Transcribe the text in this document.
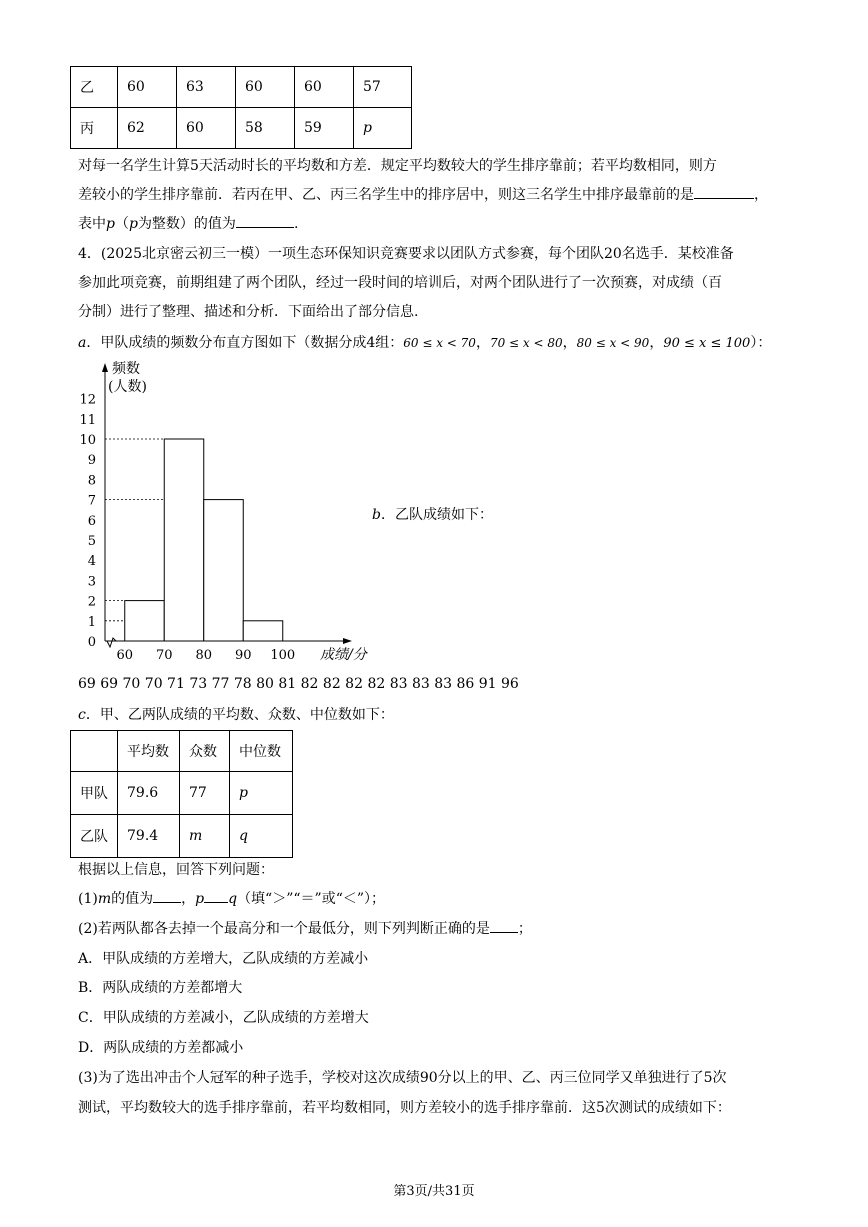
乙	60	63	60	60	57
丙	62	60	58	59	p
对每一名学生计算5天活动时长的平均数和方差．规定平均数较大的学生排序靠前；若平均数相同，则方
差较小的学生排序靠前．若丙在甲、乙、丙三名学生中的排序居中，则这三名学生中排序最靠前的是	，
表中p（p为整数）的值为	.
4．(2025北京密云初三一模）一项生态环保知识竞赛要求以团队方式参赛，每个团队20名选手．某校准备
参加此项竞赛，前期组建了两个团队，经过一段时间的培训后，对两个团队进行了一次预赛，对成绩（百
分制）进行了整理、描述和分析．下面给出了部分信息.
a．甲队成绩的频数分布直方图如下（数据分成4组：60 ≤ x < 70，70 ≤ x < 80，80 ≤ x < 90，90 ≤ x ≤ 100）：
0
1
2
3
4
5
6
7
8
9
10
11
12
60 70 80 90 100
频数
(人数)
成绩/分
b．乙队成绩如下：
69 69 70 70 71 73 77 78 80 81 82 82 82 82 83 83 83 86 91 96
c．甲、乙两队成绩的平均数、众数、中位数如下：
	平均数	众数	中位数
甲队	79.6	77	p
乙队	79.4	m	q
根据以上信息，回答下列问题：
(1)m的值为 ，p q（填“＞”“＝”或“＜”）；
(2)若两队都各去掉一个最高分和一个最低分，则下列判断正确的是 ；
A．甲队成绩的方差增大，乙队成绩的方差减小
B．两队成绩的方差都增大
C．甲队成绩的方差减小，乙队成绩的方差增大
D．两队成绩的方差都减小
(3)为了选出冲击个人冠军的种子选手，学校对这次成绩90分以上的甲、乙、丙三位同学又单独进行了5次
测试，平均数较大的选手排序靠前，若平均数相同，则方差较小的选手排序靠前．这5次测试的成绩如下：
第3页/共31页
